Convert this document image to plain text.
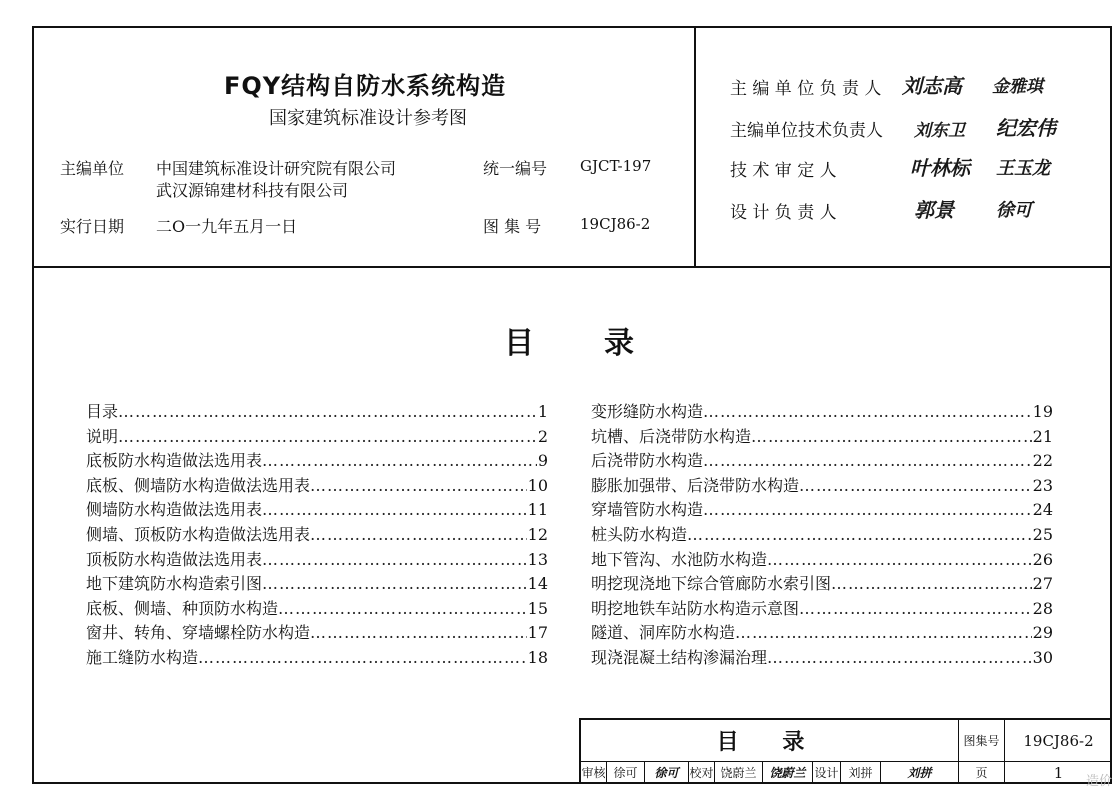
FQY结构自防水系统构造
国家建筑标准设计参考图
主编单位 中国建筑标准设计研究院有限公司
武汉源锦建材科技有限公司
统一编号 GJCT-197
实行日期 二O一九年五月一日	图 集 号	19CJ86-2
主 编 单 位 负 责 人 刘志高 金雅琪
主编单位技术负责人 刘东卫 纪宏伟
技 术 审 定 人	叶林标 王玉龙
设 计 负 责 人	郭景 徐可
目 录
目录 …………………………………………………………………………………………………………………………………………………………………………	1
说明 …………………………………………………………………………………………………………………………………………………………………………	2
底板防水构造做法选用表 …………………………………………………………………………………………………………………………………………………………………………	9
底板、侧墙防水构造做法选用表 …………………………………………………………………………………………………………………………………………………………………………	10
侧墙防水构造做法选用表 …………………………………………………………………………………………………………………………………………………………………………	11
侧墙、顶板防水构造做法选用表 …………………………………………………………………………………………………………………………………………………………………………	12
顶板防水构造做法选用表 …………………………………………………………………………………………………………………………………………………………………………	13
地下建筑防水构造索引图 …………………………………………………………………………………………………………………………………………………………………………	14
底板、侧墙、种顶防水构造 …………………………………………………………………………………………………………………………………………………………………………	15
窗井、转角、穿墙螺栓防水构造 …………………………………………………………………………………………………………………………………………………………………………	17
施工缝防水构造 …………………………………………………………………………………………………………………………………………………………………………	18
变形缝防水构造 …………………………………………………………………………………………………………………………………………………………………………	19
坑槽、后浇带防水构造 …………………………………………………………………………………………………………………………………………………………………………	21
后浇带防水构造 …………………………………………………………………………………………………………………………………………………………………………	22
膨胀加强带、后浇带防水构造 …………………………………………………………………………………………………………………………………………………………………………	23
穿墙管防水构造 …………………………………………………………………………………………………………………………………………………………………………	24
桩头防水构造 …………………………………………………………………………………………………………………………………………………………………………	25
地下管沟、水池防水构造 …………………………………………………………………………………………………………………………………………………………………………	26
明挖现浇地下综合管廊防水索引图 …………………………………………………………………………………………………………………………………………………………………………	27
明挖地铁车站防水构造示意图 …………………………………………………………………………………………………………………………………………………………………………	28
隧道、洞库防水构造 …………………………………………………………………………………………………………………………………………………………………………	29
现浇混凝土结构渗漏治理 …………………………………………………………………………………………………………………………………………………………………………	30
目 录	图集号	19CJ86-2
审核 徐可	徐可 校对 饶蔚兰	饶蔚兰 设计 刘拼	刘拼	页	1	造价
